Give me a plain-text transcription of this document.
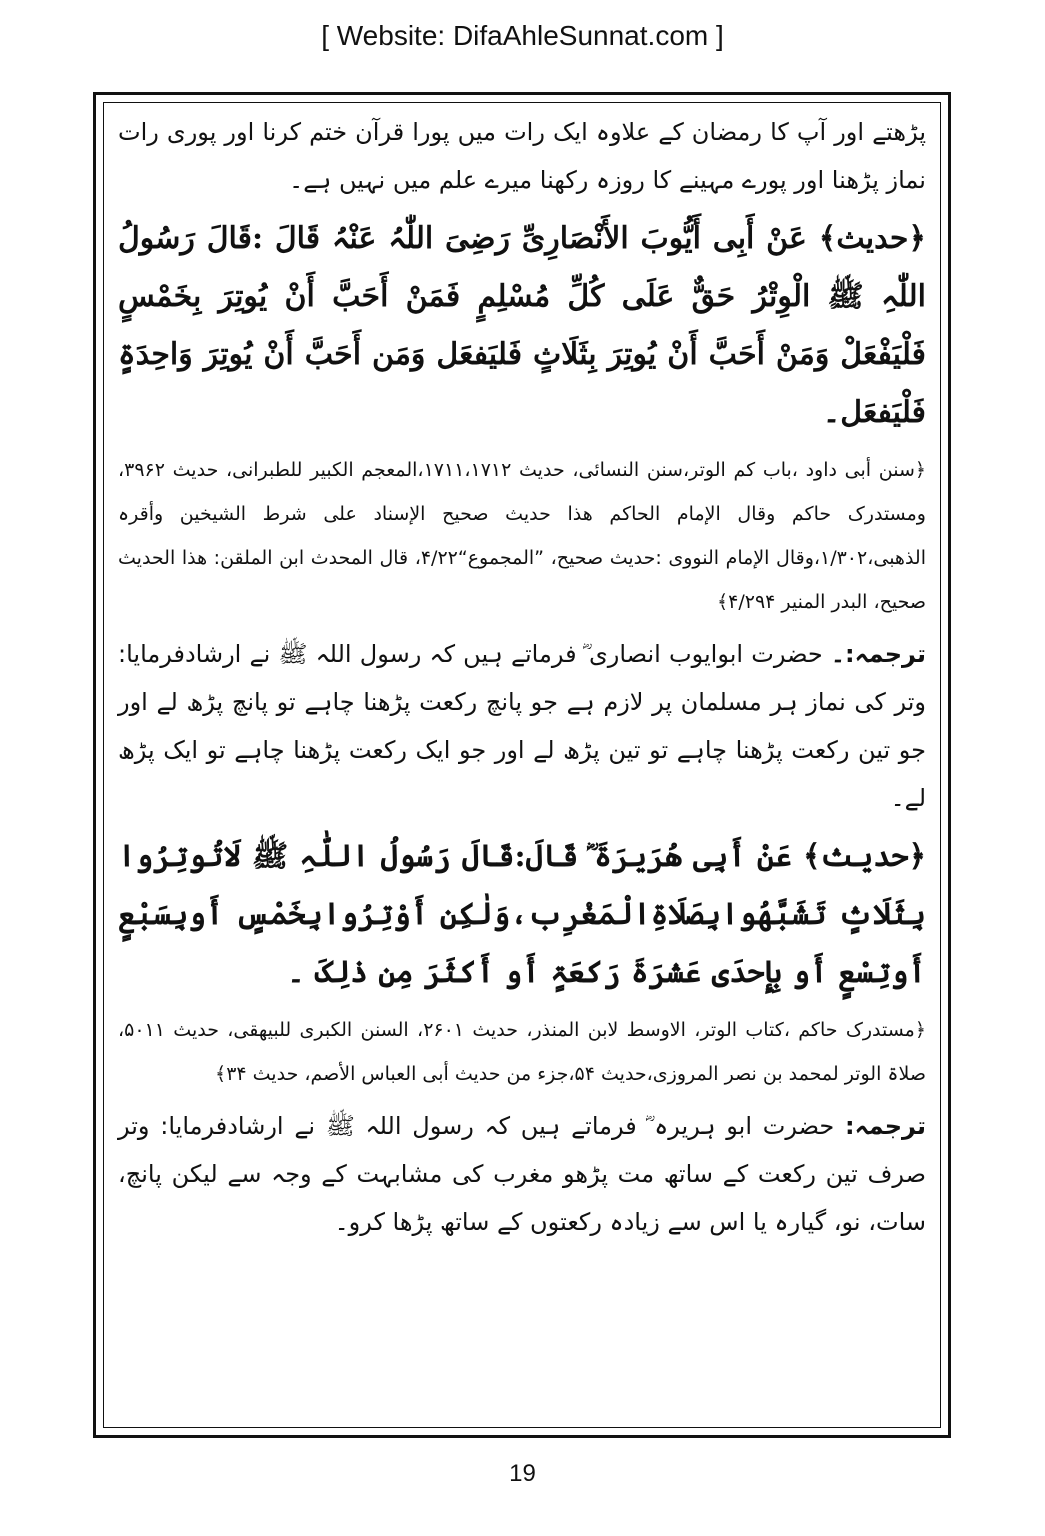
[ Website: DifaAhleSunnat.com ]

پڑھتے اور آپ کا رمضان کے علاوہ ایک رات میں پورا قرآن ختم کرنا اور پوری رات نماز پڑھنا اور پورے مہینے کا روزہ رکھنا میرے علم میں نہیں ہے۔

﴿حدیث﴾ عَنْ أَبِی أَیُّوبَ الأَنْصَارِیِّ رَضِیَ اللّٰہُ عَنْہُ قَالَ :قَالَ رَسُولُ اللّٰہِ ﷺ الْوِتْرُ حَقٌّ عَلَی کُلِّ مُسْلِمٍ فَمَنْ أَحَبَّ أَنْ یُوتِرَ بِخَمْسٍ فَلْیَفْعَلْ وَمَنْ أَحَبَّ أَنْ یُوتِرَ بِثَلَاثٍ فَلیَفعَل وَمَن أَحَبَّ أَنْ یُوتِرَ وَاحِدَۃٍ فَلْیَفعَل۔

﴿سنن أبی داود ،باب کم الوتر،سنن النسائی، حدیث ۱۷۱۱،۱۷۱۲،المعجم الکبیر للطبرانی، حدیث ۳۹۶۲، ومستدرک حاکم وقال الإمام الحاکم ھذا حدیث صحیح الإسناد علی شرط الشیخین وأقرہ الذھبی،۱/۳۰۲،وقال الإمام النووی :حدیث صحیح، ”المجموع“۴/۲۲، قال المحدث ابن الملقن: ھذا الحدیث صحیح، البدر المنیر ۴/۲۹۴﴾

ترجمہ:۔ حضرت ابوایوب انصاری ؓ فرماتے ہیں کہ رسول اللہ ﷺ نے ارشادفرمایا: وتر کی نماز ہر مسلمان پر لازم ہے جو پانچ رکعت پڑھنا چاہے تو پانچ پڑھ لے اور جو تین رکعت پڑھنا چاہے تو تین پڑھ لے اور جو ایک رکعت پڑھنا چاہے تو ایک پڑھ لے۔

﴿حدیث﴾ عَنْ أَبِی ھُرَیرَۃَ ؓ قَالَ:قَالَ رَسُولُ اللّٰہِ ﷺ لَاتُوتِرُوا بِثَلَاثٍ تَشَبَّھُوابِصَلَاۃِالْمَغْرِب،وَلٰکِن أَوْتِرُوابِخَمْسٍ أَوبِسَبْعٍ أَوتِسْعٍ أَو بِإِحدَی عَشرَۃَ رَکعَۃٍ أَو أَکثَرَ مِن ذٰلِکَ ۔

﴿مستدرک حاکم ،کتاب الوتر، الاوسط لابن المنذر، حدیث ۲۶۰۱، السنن الکبری للبیھقی، حدیث ۵۰۱۱، صلاۃ الوتر لمحمد بن نصر المروزی،حدیث ۵۴،جزء من حدیث أبی العباس الأصم، حدیث ۳۴﴾

ترجمہ: حضرت ابو ہریرہ ؓ فرماتے ہیں کہ رسول اللہ ﷺ نے ارشادفرمایا: وتر صرف تین رکعت کے ساتھ مت پڑھو مغرب کی مشابہت کے وجہ سے لیکن پانچ، سات، نو، گیارہ یا اس سے زیادہ رکعتوں کے ساتھ پڑھا کرو۔

19
